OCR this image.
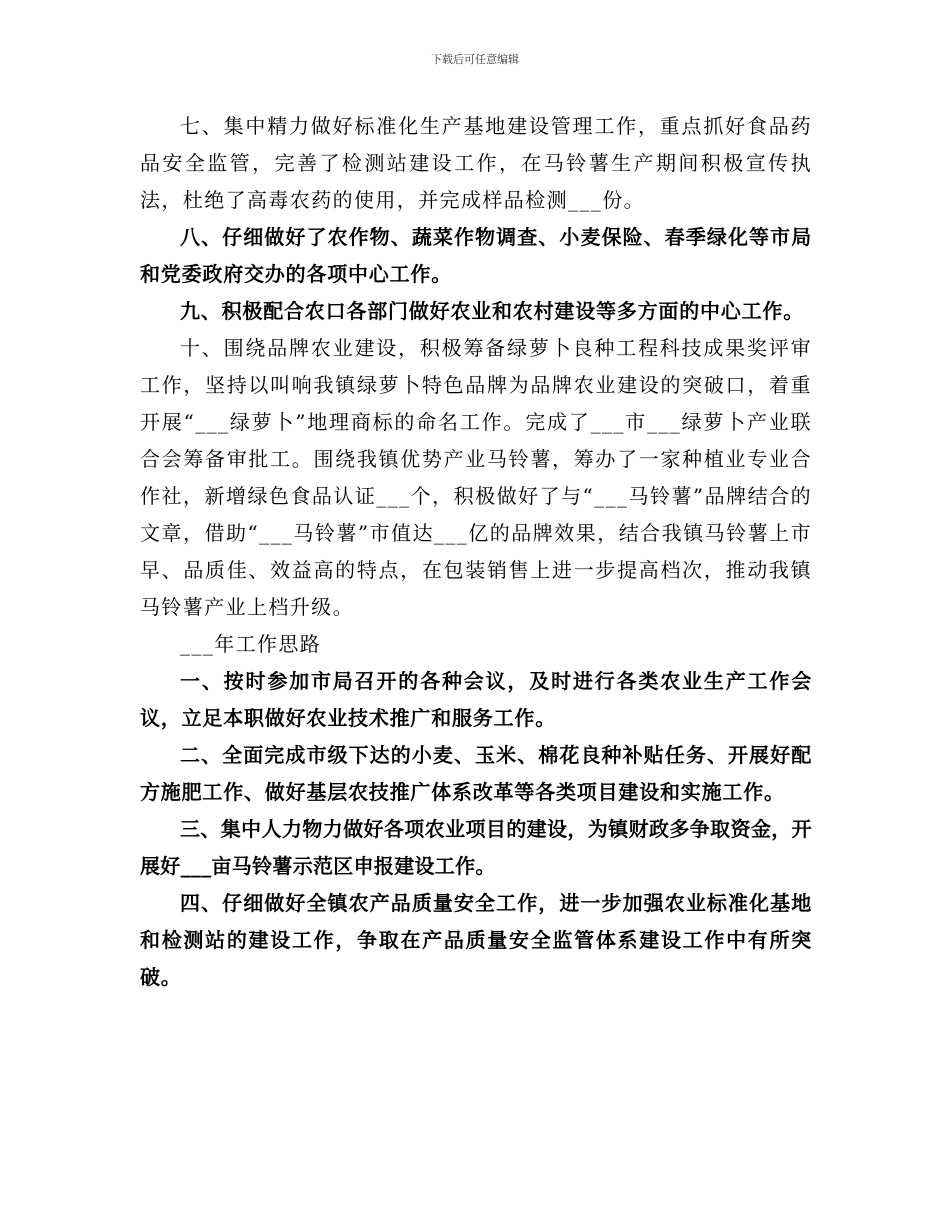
下载后可任意编辑

七、集中精力做好标准化生产基地建设管理工作，重点抓好食品药品安全监管，完善了检测站建设工作，在马铃薯生产期间积极宣传执法，杜绝了高毒农药的使用，并完成样品检测___份。

八、仔细做好了农作物、蔬菜作物调查、小麦保险、春季绿化等市局和党委政府交办的各项中心工作。

九、积极配合农口各部门做好农业和农村建设等多方面的中心工作。

十、围绕品牌农业建设，积极筹备绿萝卜良种工程科技成果奖评审工作，坚持以叫响我镇绿萝卜特色品牌为品牌农业建设的突破口，着重开展“___绿萝卜”地理商标的命名工作。完成了___市___绿萝卜产业联合会筹备审批工。围绕我镇优势产业马铃薯，筹办了一家种植业专业合作社，新增绿色食品认证___个，积极做好了与“___马铃薯”品牌结合的文章，借助“___马铃薯”市值达___亿的品牌效果，结合我镇马铃薯上市早、品质佳、效益高的特点，在包装销售上进一步提高档次，推动我镇马铃薯产业上档升级。

___年工作思路

一、按时参加市局召开的各种会议，及时进行各类农业生产工作会议，立足本职做好农业技术推广和服务工作。

二、全面完成市级下达的小麦、玉米、棉花良种补贴任务、开展好配方施肥工作、做好基层农技推广体系改革等各类项目建设和实施工作。

三、集中人力物力做好各项农业项目的建设，为镇财政多争取资金，开展好___亩马铃薯示范区申报建设工作。

四、仔细做好全镇农产品质量安全工作，进一步加强农业标准化基地和检测站的建设工作，争取在产品质量安全监管体系建设工作中有所突破。
